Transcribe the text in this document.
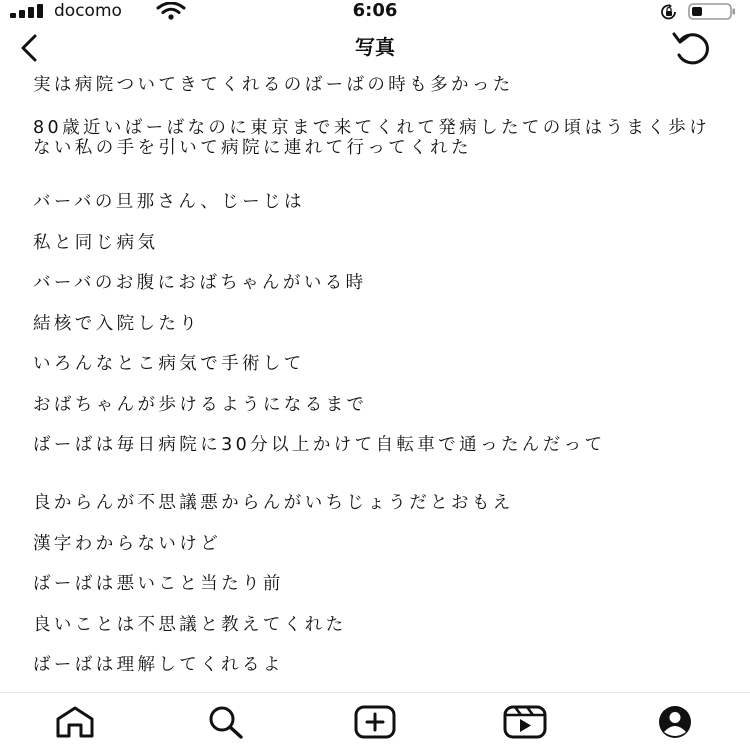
docomo	6:06
写真
実は病院ついてきてくれるのばーばの時も多かった
80歳近いばーばなのに東京まで来てくれて発病したての頃はうまく歩けない私の手を引いて病院に連れて行ってくれた
バーバの旦那さん、じーじは
私と同じ病気
バーバのお腹におばちゃんがいる時
結核で入院したり
いろんなとこ病気で手術して
おばちゃんが歩けるようになるまで
ばーばは毎日病院に30分以上かけて自転車で通ったんだって
良からんが不思議悪からんがいちじょうだとおもえ
漢字わからないけど
ばーばは悪いこと当たり前
良いことは不思議と教えてくれた
ばーばは理解してくれるよ
